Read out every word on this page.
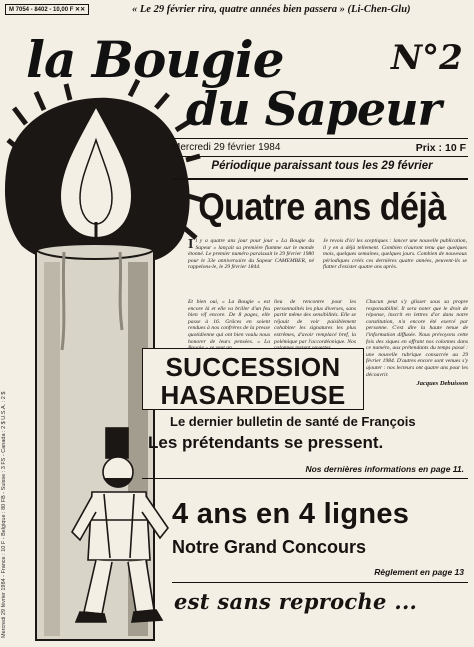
M 7054 - 8402 - 10,00 F ✕✕	« Le 29 février rira, quatre années bien passera » (Li-Chen-Glu)
la Bougie
du Sapeur
N°2
Mercredi 29 février 1984	Prix : 10 F
Périodique paraissant tous les 29 février
Quatre ans déjà
Il y a quatre ans jour pour jour « La Bougie du Sapeur » lançait sa première flamme sur le monde étonné. Le premier numéro paraissait le 29 février 1980 pour le 33e anniversaire du Sapeur CAMEMBER, né rappelons-le, le 29 février 1844.
Je revois d'ici les sceptiques : lancer une nouvelle publication, il y en a déjà tellement. Combien n'auront tenu que quelques mois, quelques semaines, quelques jours. Combien de nouveaux périodiques créés ces dernières quatre années, peuvent-ils se flatter d'exister quatre ans après.
Et bien oui, « La Bougie » est encore là et elle va briller d'un feu bien vif encore. De 8 pages, elle passe à 16. Grâces en soient rendues à nos confrères de la presse quotidienne qui ont bien voulu nous honorer de leurs pensées. « La
lieu de rencontre pour les personnalités les plus diverses, sans partir même des sensibilités. Elle se réjouit de voir paisiblement cohabiter les signatures les plus extrêmes, d'avoir remplacé bref, la polémique par l'accordéonique. Nos
Chacun peut s'y glisser sous sa propre responsabilité. Il sera noter que le droit de réponse, inscrit en lettres d'or dans notre constitution, n'a encore été exercé par personne. C'est dire la haute tenue de l'information diffusée. Nous prévoyons cette fois des siques en offrant nos colonnes dans ce numéro, aux prétendants du temps passé : une nouvelle rubrique consacrée au 29 février 1984. D'autres encore sont venues s'y ajouter : nos lecteurs ont quatre ans pour les découvrir.
Jacques Debuisson
SUCCESSION
HASARDEUSE
Le dernier bulletin de santé de François
Les prétendants se pressent.
Nos dernières informations en page 11.
4 ans en 4 lignes
Notre Grand Concours
Règlement en page 13
est sans reproche ...
Mercredi 29 février 1984 - France : 10 F - Belgique : 80 FB - Suisse : 3 FS - Canada : 2 $ U.S.A. : 2 $
